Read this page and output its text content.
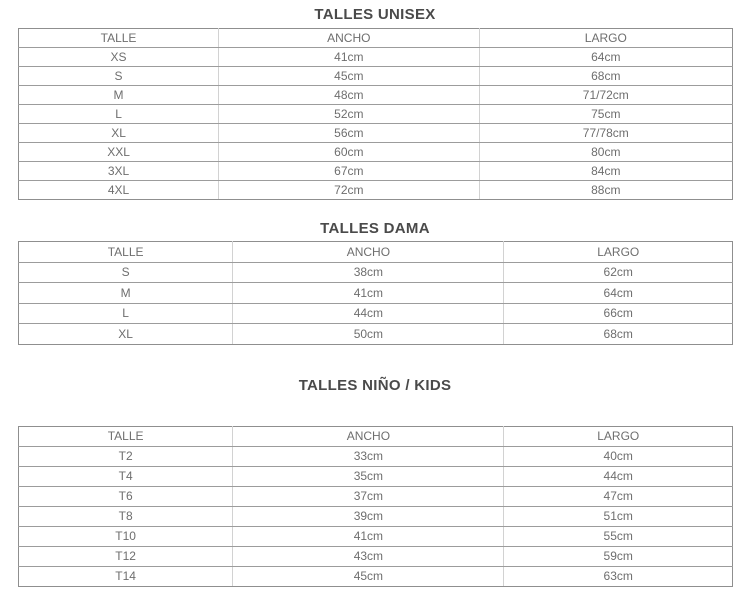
TALLES UNISEX
TALLE	ANCHO	LARGO
XS	41cm	64cm
S	45cm	68cm
M	48cm	71/72cm
L	52cm	75cm
XL	56cm	77/78cm
XXL	60cm	80cm
3XL	67cm	84cm
4XL	72cm	88cm
TALLES DAMA
TALLE	ANCHO	LARGO
S	38cm	62cm
M	41cm	64cm
L	44cm	66cm
XL	50cm	68cm
TALLES NIÑO / KIDS
TALLE	ANCHO	LARGO
T2	33cm	40cm
T4	35cm	44cm
T6	37cm	47cm
T8	39cm	51cm
T10	41cm	55cm
T12	43cm	59cm
T14	45cm	63cm
